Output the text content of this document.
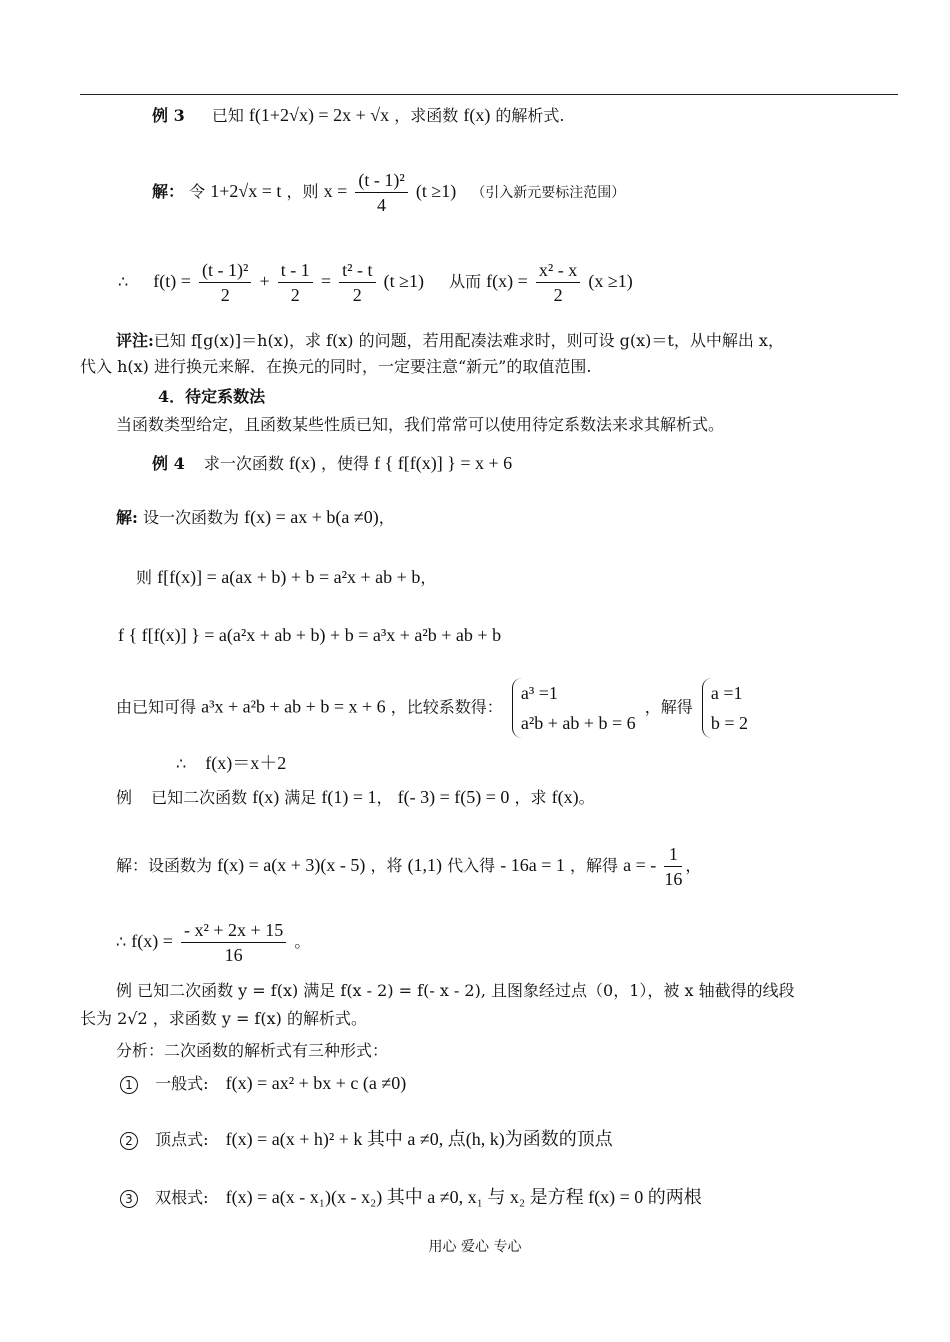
例 3 已知 f(1+2√x) = 2x + √x ，求函数 f(x) 的解析式.
解： 令 1+2√x = t ，则 $x = \frac{\text{(t - 1)²}}{4} (t \ge 1)$ （引入新元要标注范围）
∴ $f(t) = \frac{\text{(t - 1)²}}{2} + \frac{t - 1}{2} = \frac{\text{t² - t}}{2} (t \ge 1)$ 从而 $f(x) = \frac{\text{x² - x}}{2} (x \ge 1)$
评注:已知 f[g(x)]＝h(x)，求 f(x) 的问题，若用配凑法难求时，则可设 g(x)＝t，从中解出 x，
代入 h(x) 进行换元来解．在换元的同时，一定要注意“新元”的取值范围.
4．待定系数法
当函数类型给定，且函数某些性质已知，我们常常可以使用待定系数法来求其解析式。
例 4 求一次函数 f(x) ，使得 f { f[f(x)] } = x + 6
解: 设一次函数为 f(x) = ax + b(a ≠0)，
则 f[f(x)] = a(ax + b) + b = a²x + ab + b，
f { f[f(x)] } = a(a²x + ab + b) + b = a³x + a²b + ab + b
由已知可得 a³x + a²b + ab + b = x + 6 ，比较系数得：
a³ =1
a²b + ab + b = 6
，解得
a =1
b = 2
∴ f(x)＝x＋2
例 已知二次函数 f(x) 满足 f(1) = 1， f(- 3) = f(5) = 0 ，求 f(x)。
解：设函数为 f(x) = a(x + 3)(x - 5) ，将 (1,1) 代入得 - 16a = 1 ，解得 a = - $\frac{1}{16}$ ，
∴ $f(x) = \frac{\text{- x² + 2x + 15}}{16}$ 。
例 已知二次函数 y = f(x) 满足 f(x - 2) = f(- x - 2), 且图象经过点（0，1），被 x 轴截得的线段
长为 2√2 ，求函数 y = f(x) 的解析式。
分析：二次函数的解析式有三种形式：
1 一般式: f(x) = ax² + bx + c (a ≠0)
2 顶点式: f(x) = a(x + h)² + k 其中 a ≠0, 点(h, k)为函数的顶点
3 双根式: f(x) = a(x - x₁)(x - x₂) 其中 a ≠0, x₁ 与 x₂ 是方程 f(x) = 0 的两根
用心 爱心 专心
